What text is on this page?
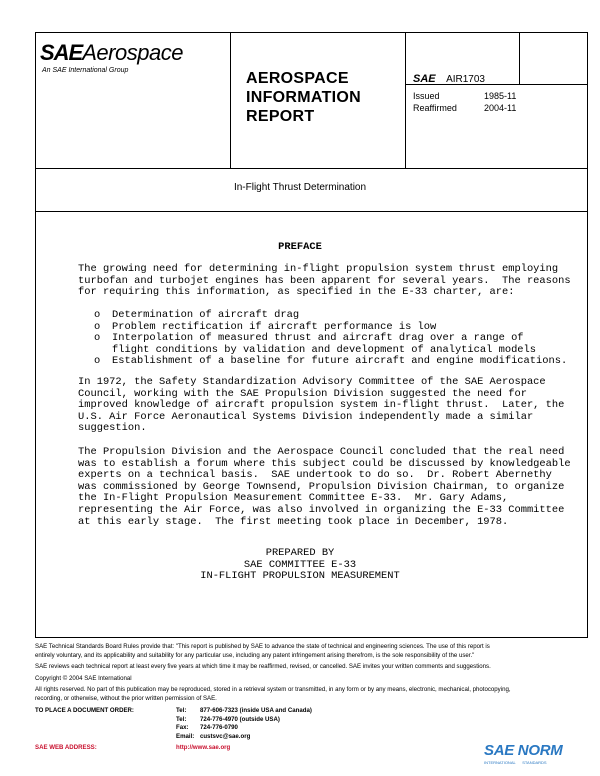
SAEAerospace
An SAE International Group	AEROSPACE
INFORMATION
REPORT
SAE AIR1703
Issued	1985-11
Reaffirmed	2004-11
In-Flight Thrust Determination
PREFACE
The growing need for determining in-flight propulsion system thrust employing
turbofan and turbojet engines has been apparent for several years.  The reasons
for requiring this information, as specified in the E-33 charter, are:
o	Determination of aircraft drag
o	Problem rectification if aircraft performance is low
o	Interpolation of measured thrust and aircraft drag over a range of
flight conditions by validation and development of analytical models
o	Establishment of a baseline for future aircraft and engine modifications.
In 1972, the Safety Standardization Advisory Committee of the SAE Aerospace
Council, working with the SAE Propulsion Division suggested the need for
improved knowledge of aircraft propulsion system in-flight thrust.  Later, the
U.S. Air Force Aeronautical Systems Division independently made a similar
suggestion.
The Propulsion Division and the Aerospace Council concluded that the real need
was to establish a forum where this subject could be discussed by knowledgeable
experts on a technical basis.  SAE undertook to do so.  Dr. Robert Abernethy
was commissioned by George Townsend, Propulsion Division Chairman, to organize
the In-Flight Propulsion Measurement Committee E-33.  Mr. Gary Adams,
representing the Air Force, was also involved in organizing the E-33 Committee
at this early stage.  The first meeting took place in December, 1978.
PREPARED BY
SAE COMMITTEE E-33
IN-FLIGHT PROPULSION MEASUREMENT
SAE Technical Standards Board Rules provide that: "This report is published by SAE to advance the state of technical and engineering sciences. The use of this report is
entirely voluntary, and its applicability and suitability for any particular use, including any patent infringement arising therefrom, is the sole responsibility of the user."
SAE reviews each technical report at least every five years at which time it may be reaffirmed, revised, or cancelled. SAE invites your written comments and suggestions.
Copyright © 2004 SAE International
All rights reserved. No part of this publication may be reproduced, stored in a retrieval system or transmitted, in any form or by any means, electronic, mechanical, photocopying,
recording, or otherwise, without the prior written permission of SAE.
TO PLACE A DOCUMENT ORDER:	Tel:	877-606-7323 (inside USA and Canada)
Tel:	724-776-4970 (outside USA)
Fax:	724-776-0790
Email: custsvc@sae.org
SAE WEB ADDRESS:	http://www.sae.org	SAE NORM
INTERNATIONAL      STANDARDS
